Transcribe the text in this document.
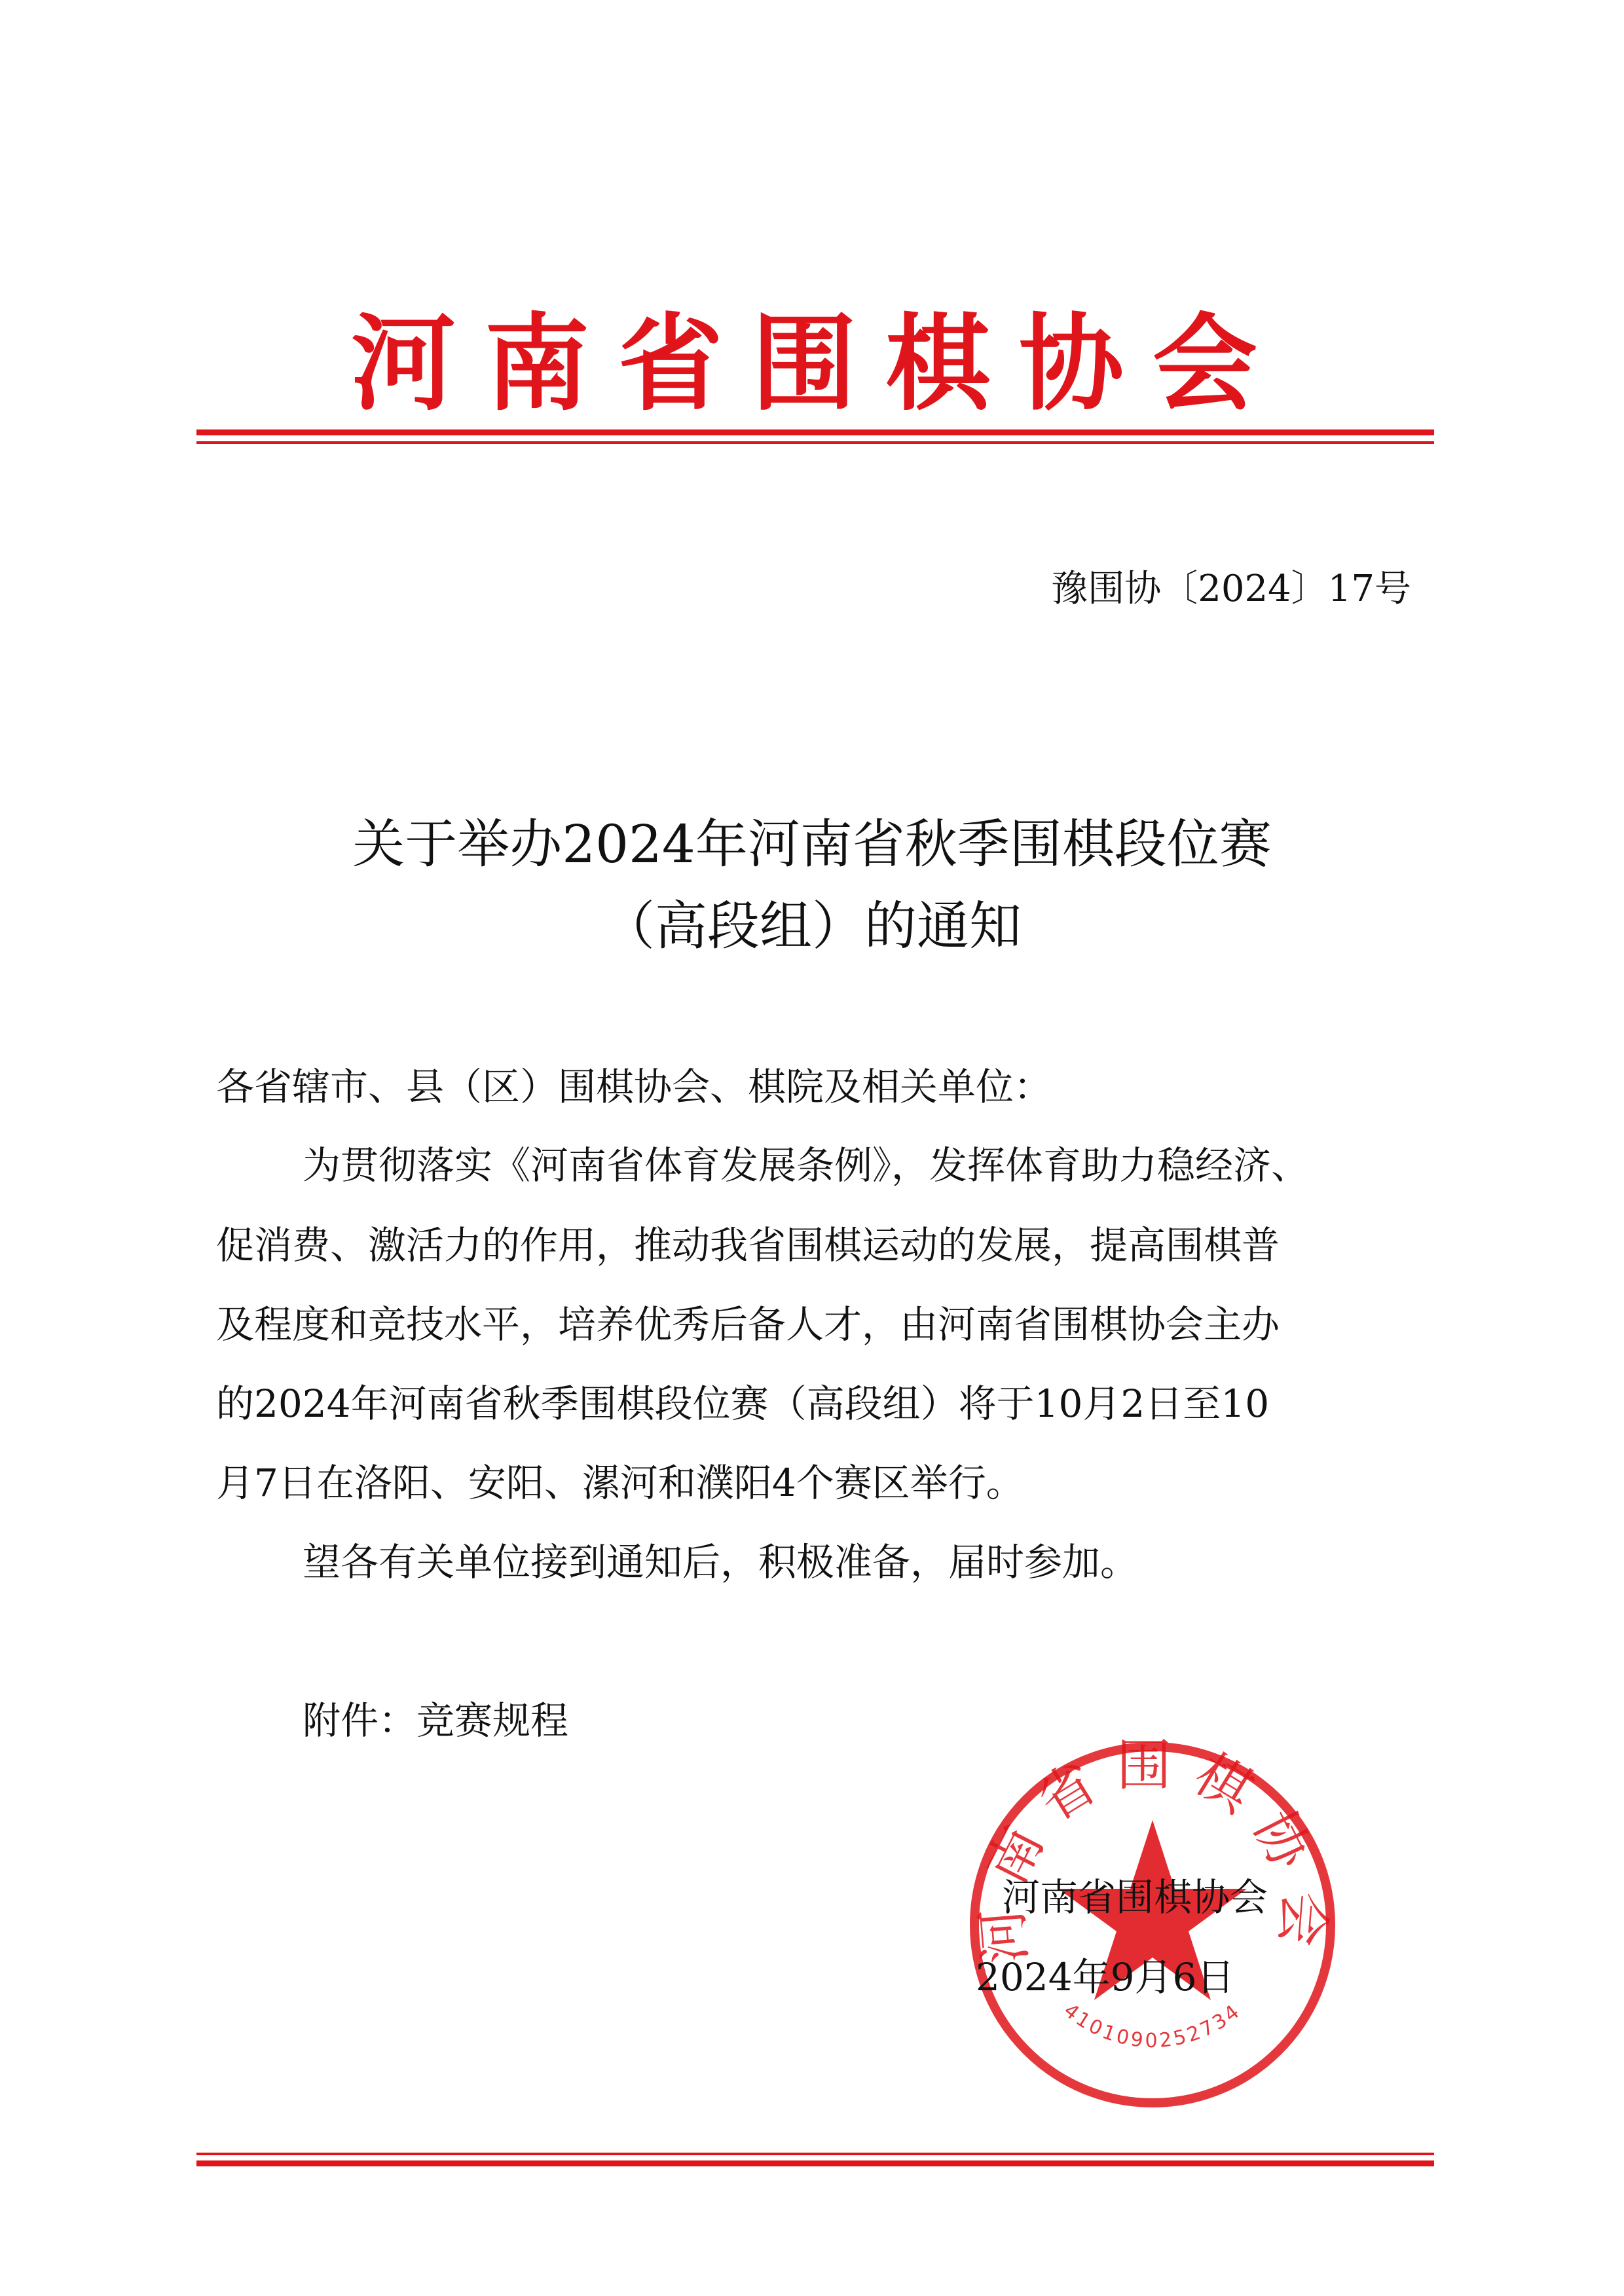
河南省围棋协会
豫围协〔2024〕17号
关于举办2024年河南省秋季围棋段位赛
（高段组）的通知
各省辖市、县（区）围棋协会、棋院及相关单位：
为贯彻落实《河南省体育发展条例》，发挥体育助力稳经济、
促消费、激活力的作用，推动我省围棋运动的发展，提高围棋普
及程度和竞技水平，培养优秀后备人才，由河南省围棋协会主办
的2024年河南省秋季围棋段位赛（高段组）将于10月2日至10
月7日在洛阳、安阳、漯河和濮阳4个赛区举行。
望各有关单位接到通知后，积极准备，届时参加。
附件：竞赛规程
河南省围棋协会
4101090252734
河南省围棋协会
2024年9月6日
